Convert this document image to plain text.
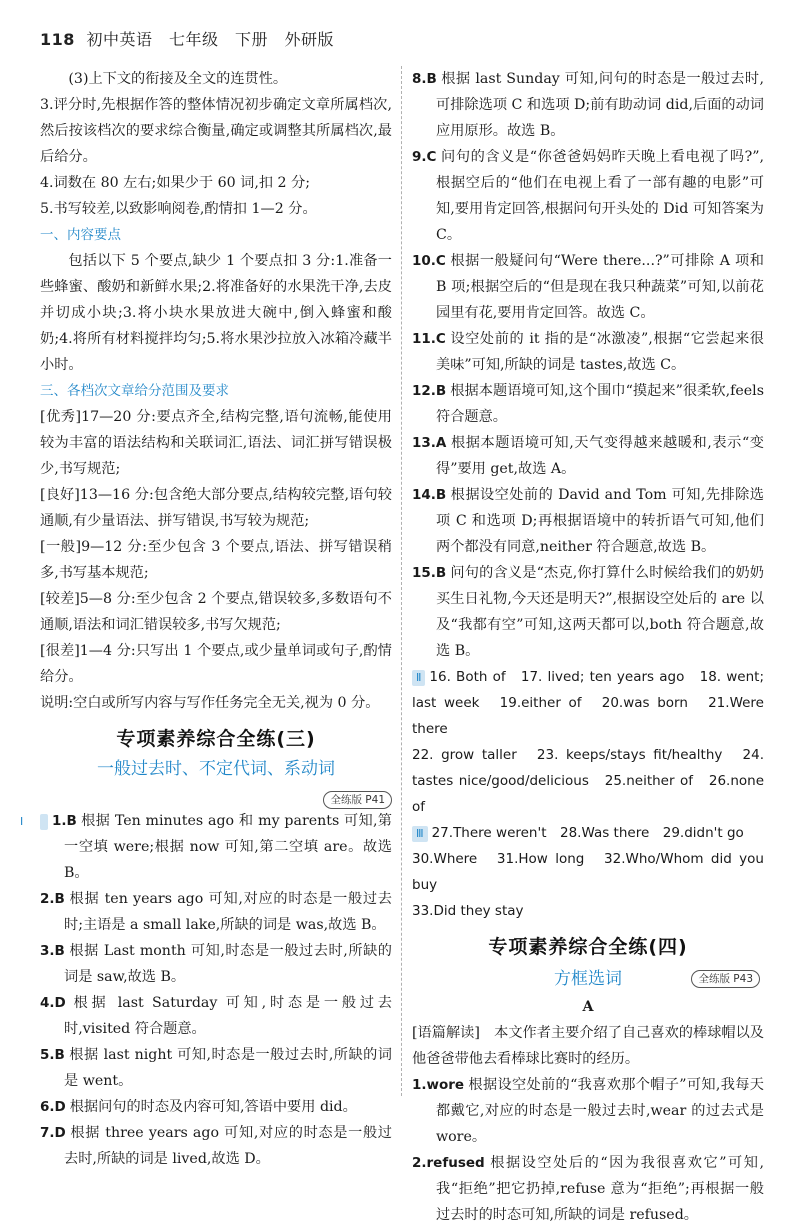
118 初中英语　七年级　下册　外研版

(3)上下文的衔接及全文的连贯性。

3.评分时,先根据作答的整体情况初步确定文章所属档次,然后按该档次的要求综合衡量,确定或调整其所属档次,最后给分。

4.词数在 80 左右;如果少于 60 词,扣 2 分;

5.书写较差,以致影响阅卷,酌情扣 1—2 分。

一、内容要点

包括以下 5 个要点,缺少 1 个要点扣 3 分:1.准备一些蜂蜜、酸奶和新鲜水果;2.将准备好的水果洗干净,去皮并切成小块;3.将小块水果放进大碗中,倒入蜂蜜和酸奶;4.将所有材料搅拌均匀;5.将水果沙拉放入冰箱冷藏半小时。

三、各档次文章给分范围及要求

[优秀]17—20 分:要点齐全,结构完整,语句流畅,能使用较为丰富的语法结构和关联词汇,语法、词汇拼写错误极少,书写规范;

[良好]13—16 分:包含绝大部分要点,结构较完整,语句较通顺,有少量语法、拼写错误,书写较为规范;

[一般]9—12 分:至少包含 3 个要点,语法、拼写错误稍多,书写基本规范;

[较差]5—8 分:至少包含 2 个要点,错误较多,多数语句不通顺,语法和词汇错误较多,书写欠规范;

[很差]1—4 分:只写出 1 个要点,或少量单词或句子,酌情给分。

说明:空白或所写内容与写作任务完全无关,视为 0 分。

专项素养综合全练(三)
一般过去时、不定代词、系动词
全练版 P41

Ⅰ 1.B 根据 Ten minutes ago 和 my parents 可知,第一空填 were;根据 now 可知,第二空填 are。故选 B。

2.B 根据 ten years ago 可知,对应的时态是一般过去时;主语是 a small lake,所缺的词是 was,故选 B。

3.B 根据 Last month 可知,时态是一般过去时,所缺的词是 saw,故选 B。

4.D 根据 last Saturday 可知,时态是一般过去时,visited 符合题意。

5.B 根据 last night 可知,时态是一般过去时,所缺的词是 went。

6.D 根据问句的时态及内容可知,答语中要用 did。

7.D 根据 three years ago 可知,对应的时态是一般过去时,所缺的词是 lived,故选 D。

8.B 根据 last Sunday 可知,问句的时态是一般过去时,可排除选项 C 和选项 D;前有助动词 did,后面的动词应用原形。故选 B。

9.C 问句的含义是“你爸爸妈妈昨天晚上看电视了吗?”,根据空后的“他们在电视上看了一部有趣的电影”可知,要用肯定回答,根据问句开头处的 Did 可知答案为 C。

10.C 根据一般疑问句“Were there...?”可排除 A 项和 B 项;根据空后的“但是现在我只种蔬菜”可知,以前花园里有花,要用肯定回答。故选 C。

11.C 设空处前的 it 指的是“冰激凌”,根据“它尝起来很美味”可知,所缺的词是 tastes,故选 C。

12.B 根据本题语境可知,这个围巾“摸起来”很柔软,feels 符合题意。

13.A 根据本题语境可知,天气变得越来越暖和,表示“变得”要用 get,故选 A。

14.B 根据设空处前的 David and Tom 可知,先排除选项 C 和选项 D;再根据语境中的转折语气可知,他们两个都没有同意,neither 符合题意,故选 B。

15.B 问句的含义是“杰克,你打算什么时候给我们的奶奶买生日礼物,今天还是明天?”,根据设空处后的 are 以及“我都有空”可知,这两天都可以,both 符合题意,故选 B。

Ⅱ 16. Both of　17. lived; ten years ago　18. went; last week　19.either of　20.was born　21.Were there

22. grow taller　23. keeps/stays fit/healthy　24. tastes nice/good/delicious　25.neither of　26.none of

Ⅲ 27.There weren't　28.Was there　29.didn't go

30.Where　31.How long　32.Who/Whom did you buy

33.Did they stay

专项素养综合全练(四)
方框选词	全练版 P43

A

[语篇解读]　本文作者主要介绍了自己喜欢的棒球帽以及他爸爸带他去看棒球比赛时的经历。

1.wore 根据设空处前的“我喜欢那个帽子”可知,我每天都戴它,对应的时态是一般过去时,wear 的过去式是 wore。

2.refused 根据设空处后的“因为我很喜欢它”可知,我“拒绝”把它扔掉,refuse 意为“拒绝”;再根据一般过去时的时态可知,所缺的词是 refused。
